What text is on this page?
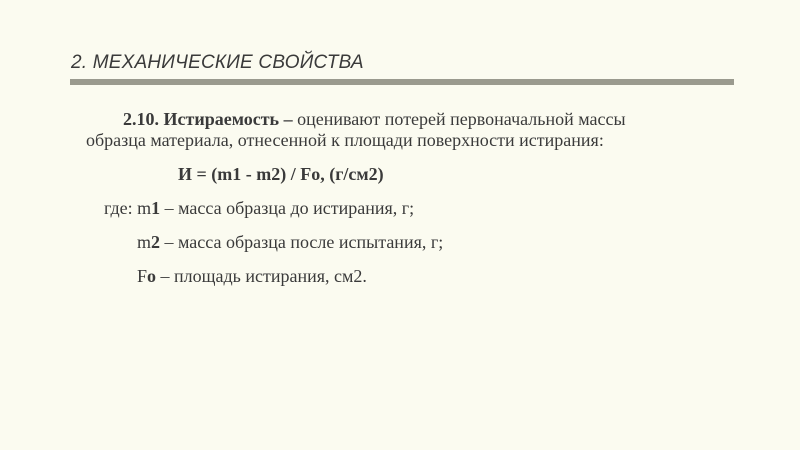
2. МЕХАНИЧЕСКИЕ СВОЙСТВА
2.10. Истираемость – оценивают потерей первоначальной массы
образца материала, отнесенной к площади поверхности истирания:
И = (m1 - m2) / Fo, (г/см2)
где: m1 – масса образца до истирания, г;
m2 – масса образца после испытания, г;
Fo – площадь истирания, см2.
